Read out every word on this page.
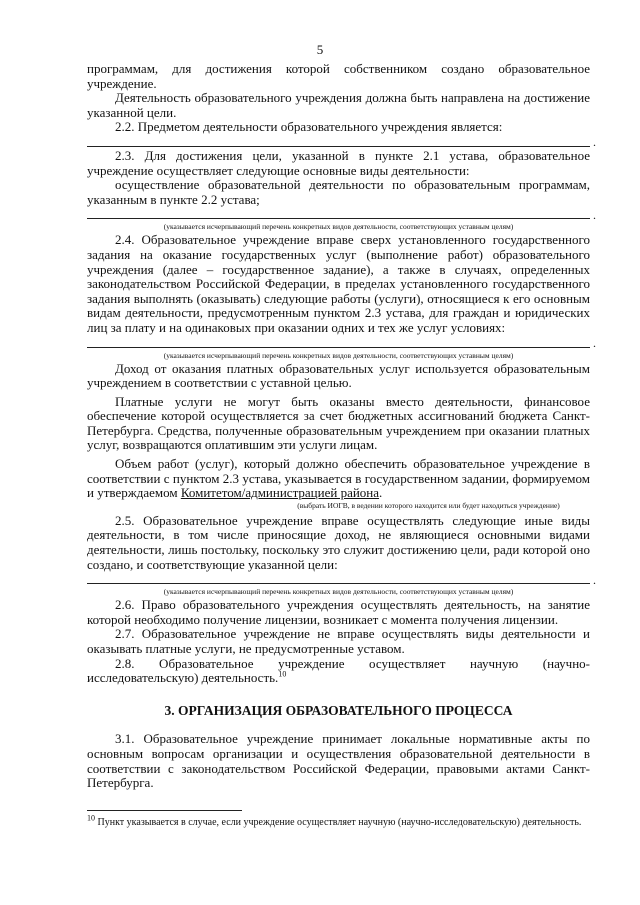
5

программам, для достижения которой собственником создано образовательное учреждение.

Деятельность образовательного учреждения должна быть направлена на достижение указанной цели.

2.2. Предметом деятельности образовательного учреждения является:

.

2.3. Для достижения цели, указанной в пункте 2.1 устава, образовательное учреждение осуществляет следующие основные виды деятельности:

осуществление образовательной деятельности по образовательным программам, указанным в пункте 2.2 устава;

.
(указывается исчерпывающий перечень конкретных видов деятельности, соответствующих уставным целям)

2.4. Образовательное учреждение вправе сверх установленного государственного задания на оказание государственных услуг (выполнение работ) образовательного учреждения (далее – государственное задание), а также в случаях, определенных законодательством Российской Федерации, в пределах установленного государственного задания выполнять (оказывать) следующие работы (услуги), относящиеся к его основным видам деятельности, предусмотренным пунктом 2.3 устава, для граждан и юридических лиц за плату и на одинаковых при оказании одних и тех же услуг условиях:

.
(указывается исчерпывающий перечень конкретных видов деятельности, соответствующих уставным целям)

Доход от оказания платных образовательных услуг используется образовательным учреждением в соответствии с уставной целью.

Платные услуги не могут быть оказаны вместо деятельности, финансовое обеспечение которой осуществляется за счет бюджетных ассигнований бюджета Санкт-Петербурга. Средства, полученные образовательным учреждением при оказании платных услуг, возвращаются оплатившим эти услуги лицам.

Объем работ (услуг), который должно обеспечить образовательное учреждение в соответствии с пунктом 2.3 устава, указывается в государственном задании, формируемом и утверждаемом Комитетом/администрацией района.

(выбрать ИОГВ, в ведении которого находится или будет находиться учреждение)

2.5. Образовательное учреждение вправе осуществлять следующие иные виды деятельности, в том числе приносящие доход, не являющиеся основными видами деятельности, лишь постольку, поскольку это служит достижению цели, ради которой оно создано, и соответствующие указанной цели:

.
(указывается исчерпывающий перечень конкретных видов деятельности, соответствующих уставным целям)

2.6. Право образовательного учреждения осуществлять деятельность, на занятие которой необходимо получение лицензии, возникает с момента получения лицензии.

2.7. Образовательное учреждение не вправе осуществлять виды деятельности и оказывать платные услуги, не предусмотренные уставом.

2.8. Образовательное учреждение осуществляет научную (научно-исследовательскую) деятельность.$^{10}$

3. ОРГАНИЗАЦИЯ ОБРАЗОВАТЕЛЬНОГО ПРОЦЕССА

3.1. Образовательное учреждение принимает локальные нормативные акты по основным вопросам организации и осуществления образовательной деятельности в соответствии с законодательством Российской Федерации, правовыми актами Санкт-Петербурга.

$^{10}$ Пункт указывается в случае, если учреждение осуществляет научную (научно-исследовательскую) деятельность.
